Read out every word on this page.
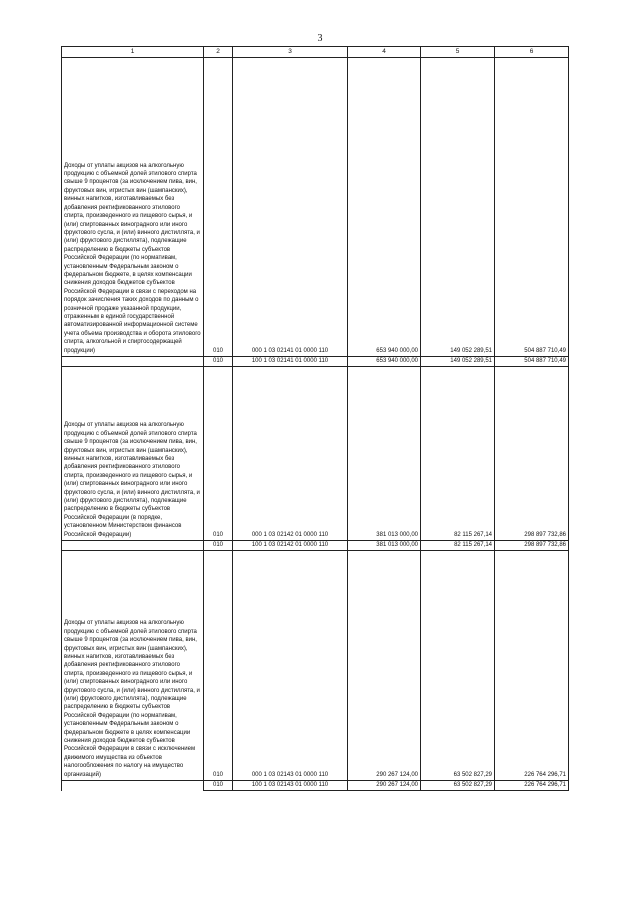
3
1	2	3	4	5	6
Доходы от уплаты акцизов на алкогольную продукцию с объемной долей этилового спирта свыше 9 процентов (за исключением пива, вин, фруктовых вин, игристых вин (шампанских), винных напитков, изготавливаемых без добавления ректификованного этилового спирта, произведенного из пищевого сырья, и (или) спиртованных виноградного или иного фруктового сусла, и (или) винного дистиллята, и (или) фруктового дистиллята), подлежащие распределению в бюджеты субъектов Российской Федерации (по нормативам, установленным Федеральным законом о федеральном бюджете, в целях компенсации снижения доходов бюджетов субъектов Российской Федерации в связи с переходом на порядок зачисления таких доходов по данным о розничной продаже указанной продукции, отраженным в единой государственной автоматизированной информационной системе учета объема производства и оборота этилового спирта, алкогольной и спиртосодержащей продукции)	010	000 1 03 02141 01 0000 110	653 940 000,00	149 052 289,51	504 887 710,49
	010	100 1 03 02141 01 0000 110	653 940 000,00	149 052 289,51	504 887 710,49
Доходы от уплаты акцизов на алкогольную продукцию с объемной долей этилового спирта свыше 9 процентов (за исключением пива, вин, фруктовых вин, игристых вин (шампанских), винных напитков, изготавливаемых без добавления ректификованного этилового спирта, произведенного из пищевого сырья, и (или) спиртованных виноградного или иного фруктового сусла, и (или) винного дистиллята, и (или) фруктового дистиллята), подлежащие распределению в бюджеты субъектов Российской Федерации (в порядке, установленном Министерством финансов Российской Федерации)	010	000 1 03 02142 01 0000 110	381 013 000,00	82 115 267,14	298 897 732,86
	010	100 1 03 02142 01 0000 110	381 013 000,00	82 115 267,14	298 897 732,86
Доходы от уплаты акцизов на алкогольную продукцию с объемной долей этилового спирта свыше 9 процентов (за исключением пива, вин, фруктовых вин, игристых вин (шампанских), винных напитков, изготавливаемых без добавления ректификованного этилового спирта, произведенного из пищевого сырья, и (или) спиртованных виноградного или иного фруктового сусла, и (или) винного дистиллята, и (или) фруктового дистиллята), подлежащие распределению в бюджеты субъектов Российской Федерации (по нормативам, установленным Федеральным законом о федеральном бюджете в целях компенсации снижения доходов бюджетов субъектов Российской Федерации в связи с исключением движимого имущества из объектов налогообложения по налогу на имущество организаций)	010	000 1 03 02143 01 0000 110	290 267 124,00	63 502 827,29	226 764 296,71
	010	100 1 03 02143 01 0000 110	290 267 124,00	63 502 827,29	226 764 296,71
